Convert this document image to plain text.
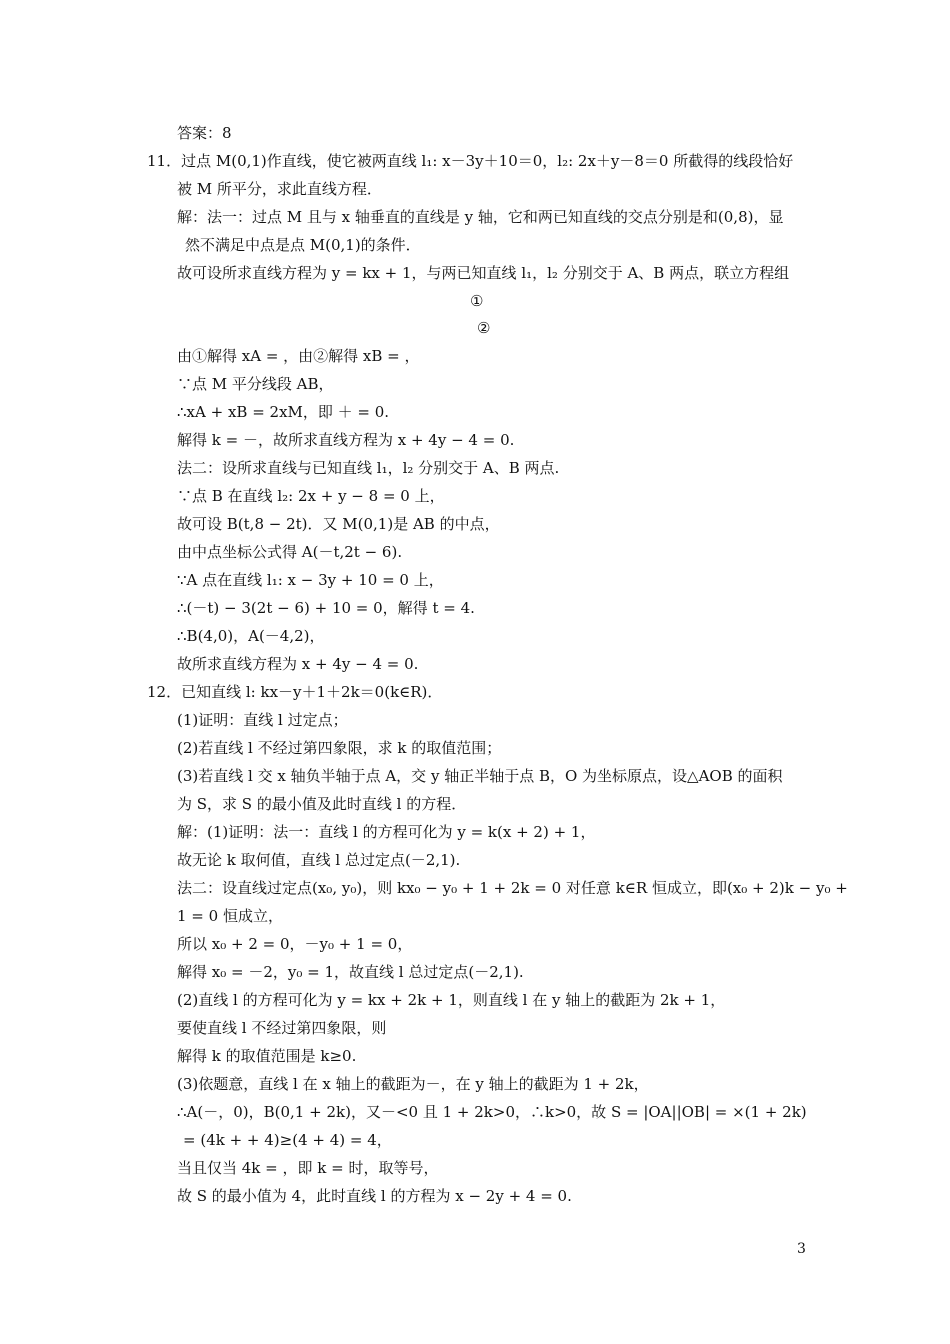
答案：8
11．过点 M(0,1)作直线，使它被两直线 l₁: x－3y＋10＝0，l₂: 2x＋y－8＝0 所截得的线段恰好
被 M 所平分，求此直线方程．
解：法一：过点 M 且与 x 轴垂直的直线是 y 轴，它和两已知直线的交点分别是和(0,8)，显
然不满足中点是点 M(0,1)的条件．
故可设所求直线方程为 y = kx + 1，与两已知直线 l₁，l₂ 分别交于 A、B 两点，联立方程组
①
②
由①解得 xA = ，由②解得 xB = ，
∵点 M 平分线段 AB，
∴xA + xB = 2xM，即 ＋ = 0.
解得 k = －，故所求直线方程为 x + 4y − 4 = 0.
法二：设所求直线与已知直线 l₁，l₂ 分别交于 A、B 两点.
∵点 B 在直线 l₂: 2x + y − 8 = 0 上，
故可设 B(t,8 − 2t)．又 M(0,1)是 AB 的中点，
由中点坐标公式得 A(－t,2t − 6).
∵A 点在直线 l₁: x − 3y + 10 = 0 上，
∴(－t) − 3(2t − 6) + 10 = 0，解得 t = 4.
∴B(4,0)，A(－4,2)，
故所求直线方程为 x + 4y − 4 = 0.
12．已知直线 l: kx－y＋1＋2k＝0(k∈R)．
(1)证明：直线 l 过定点；
(2)若直线 l 不经过第四象限，求 k 的取值范围；
(3)若直线 l 交 x 轴负半轴于点 A，交 y 轴正半轴于点 B，O 为坐标原点，设△AOB 的面积
为 S，求 S 的最小值及此时直线 l 的方程．
解：(1)证明：法一：直线 l 的方程可化为 y = k(x + 2) + 1，
故无论 k 取何值，直线 l 总过定点(－2,1).
法二：设直线过定点(x₀, y₀)，则 kx₀ − y₀ + 1 + 2k = 0 对任意 k∈R 恒成立，即(x₀ + 2)k − y₀ +
1 = 0 恒成立，
所以 x₀ + 2 = 0，－y₀ + 1 = 0，
解得 x₀ = －2，y₀ = 1，故直线 l 总过定点(－2,1).
(2)直线 l 的方程可化为 y = kx + 2k + 1，则直线 l 在 y 轴上的截距为 2k + 1，
要使直线 l 不经过第四象限，则
解得 k 的取值范围是 k≥0.
(3)依题意，直线 l 在 x 轴上的截距为－，在 y 轴上的截距为 1 + 2k，
∴A(－，0)，B(0,1 + 2k)，又－<0 且 1 + 2k>0，∴k>0，故 S = |OA||OB| = ×(1 + 2k)
= (4k + + 4)≥(4 + 4) = 4，
当且仅当 4k = ，即 k = 时，取等号，
故 S 的最小值为 4，此时直线 l 的方程为 x − 2y + 4 = 0.
3
